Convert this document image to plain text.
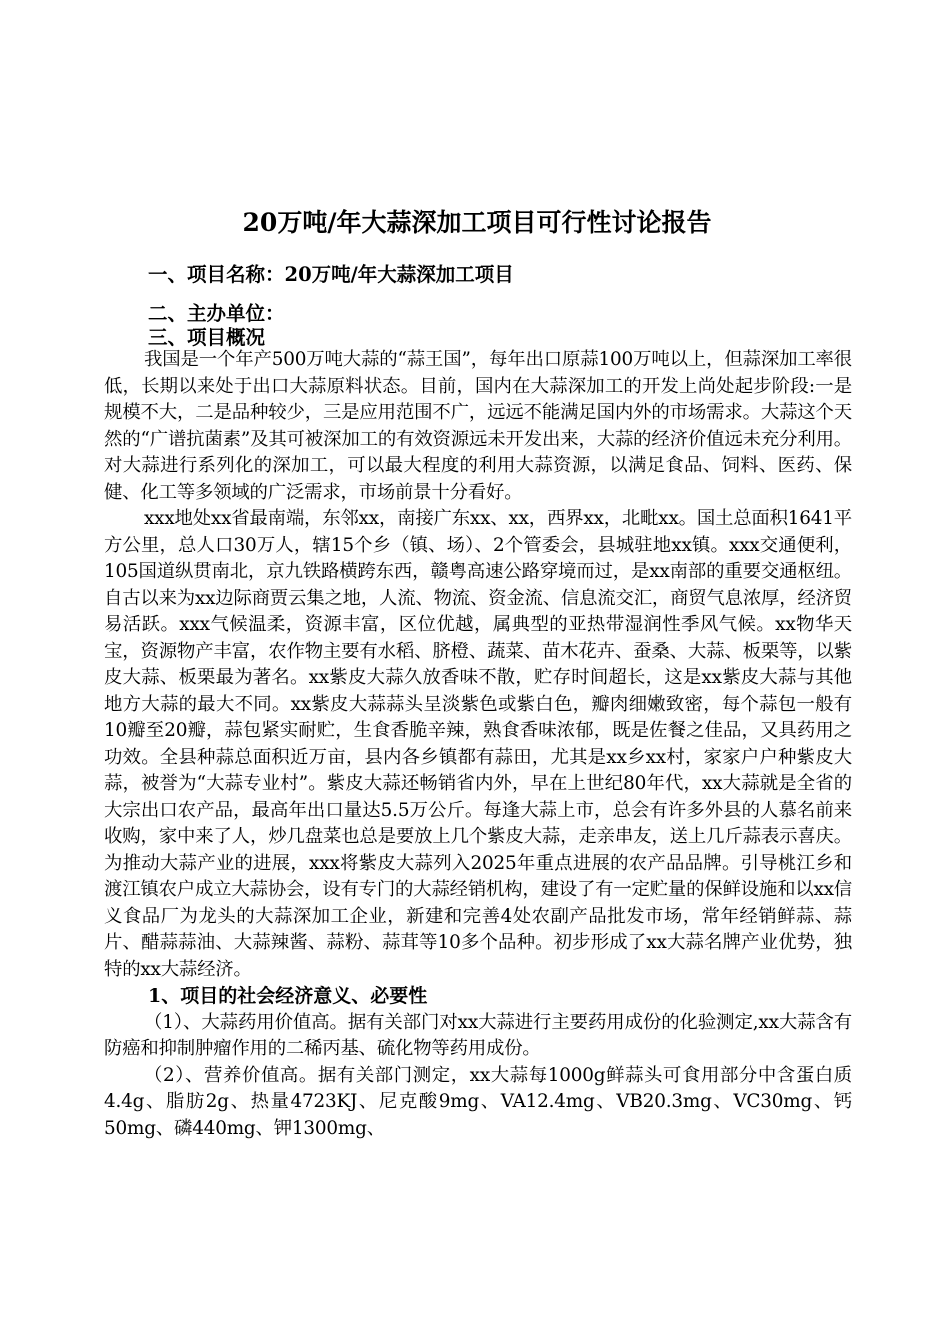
20万吨/年大蒜深加工项目可行性讨论报告
一、项目名称：20万吨/年大蒜深加工项目
二、主办单位：
三、项目概况

我国是一个年产500万吨大蒜的“蒜王国”，每年出口原蒜100万吨以上，但蒜深加工率很低，长期以来处于出口大蒜原料状态。目前，国内在大蒜深加工的开发上尚处起步阶段:一是规模不大，二是品种较少，三是应用范围不广，远远不能满足国内外的市场需求。大蒜这个天然的“广谱抗菌素”及其可被深加工的有效资源远未开发出来，大蒜的经济价值远未充分利用。对大蒜进行系列化的深加工，可以最大程度的利用大蒜资源，以满足食品、饲料、医药、保健、化工等多领域的广泛需求，市场前景十分看好。

xxx地处xx省最南端，东邻xx，南接广东xx、xx，西界xx，北毗xx。国土总面积1641平方公里，总人口30万人，辖15个乡（镇、场）、2个管委会，县城驻地xx镇。xxx交通便利，105国道纵贯南北，京九铁路横跨东西，赣粤高速公路穿境而过，是xx南部的重要交通枢纽。自古以来为xx边际商贾云集之地，人流、物流、资金流、信息流交汇，商贸气息浓厚，经济贸易活跃。xxx气候温柔，资源丰富，区位优越，属典型的亚热带湿润性季风气候。xx物华天宝，资源物产丰富，农作物主要有水稻、脐橙、蔬菜、苗木花卉、蚕桑、大蒜、板栗等，以紫皮大蒜、板栗最为著名。xx紫皮大蒜久放香味不散，贮存时间超长，这是xx紫皮大蒜与其他地方大蒜的最大不同。xx紫皮大蒜蒜头呈淡紫色或紫白色，瓣肉细嫩致密，每个蒜包一般有10瓣至20瓣，蒜包紧实耐贮，生食香脆辛辣，熟食香味浓郁，既是佐餐之佳品，又具药用之功效。全县种蒜总面积近万亩，县内各乡镇都有蒜田，尤其是xx乡xx村，家家户户种紫皮大蒜，被誉为“大蒜专业村”。紫皮大蒜还畅销省内外，早在上世纪80年代，xx大蒜就是全省的大宗出口农产品，最高年出口量达5.5万公斤。每逢大蒜上市，总会有许多外县的人慕名前来收购，家中来了人，炒几盘菜也总是要放上几个紫皮大蒜，走亲串友，送上几斤蒜表示喜庆。为推动大蒜产业的进展，xxx将紫皮大蒜列入2025年重点进展的农产品品牌。引导桃江乡和渡江镇农户成立大蒜协会，设有专门的大蒜经销机构，建设了有一定贮量的保鲜设施和以xx信义食品厂为龙头的大蒜深加工企业，新建和完善4处农副产品批发市场，常年经销鲜蒜、蒜片、醋蒜蒜油、大蒜辣酱、蒜粉、蒜茸等10多个品种。初步形成了xx大蒜名牌产业优势，独特的xx大蒜经济。

1、项目的社会经济意义、必要性

（1）、大蒜药用价值高。据有关部门对xx大蒜进行主要药用成份的化验测定,xx大蒜含有防癌和抑制肿瘤作用的二稀丙基、硫化物等药用成份。

（2）、营养价值高。据有关部门测定，xx大蒜每1000g鲜蒜头可食用部分中含蛋白质4.4g、脂肪2g、热量4723KJ、尼克酸9mg、VA12.4mg、VB20.3mg、VC30mg、钙50mg、磷440mg、钾1300mg、
